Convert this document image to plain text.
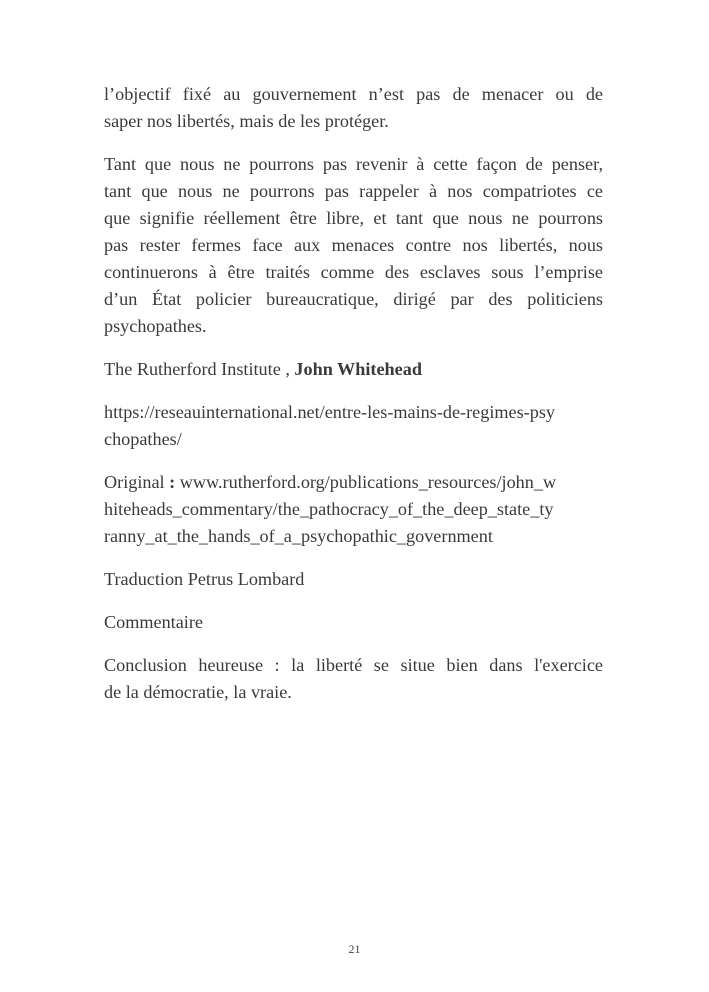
l’objectif fixé au gouvernement n’est pas de menacer ou de
saper nos libertés, mais de les protéger.

Tant que nous ne pourrons pas revenir à cette façon de penser,
tant que nous ne pourrons pas rappeler à nos compatriotes ce
que signifie réellement être libre, et tant que nous ne pourrons
pas rester fermes face aux menaces contre nos libertés, nous
continuerons à être traités comme des esclaves sous l’emprise
d’un État policier bureaucratique, dirigé par des politiciens
psychopathes.

The Rutherford Institute , John Whitehead

https://reseauinternational.net/entre-les-mains-de-regimes-psy
chopathes/

Original : www.rutherford.org/publications_resources/john_w
hiteheads_commentary/the_pathocracy_of_the_deep_state_ty
ranny_at_the_hands_of_a_psychopathic_government

Traduction Petrus Lombard

Commentaire

Conclusion heureuse : la liberté se situe bien dans l'exercice
de la démocratie, la vraie.

21
